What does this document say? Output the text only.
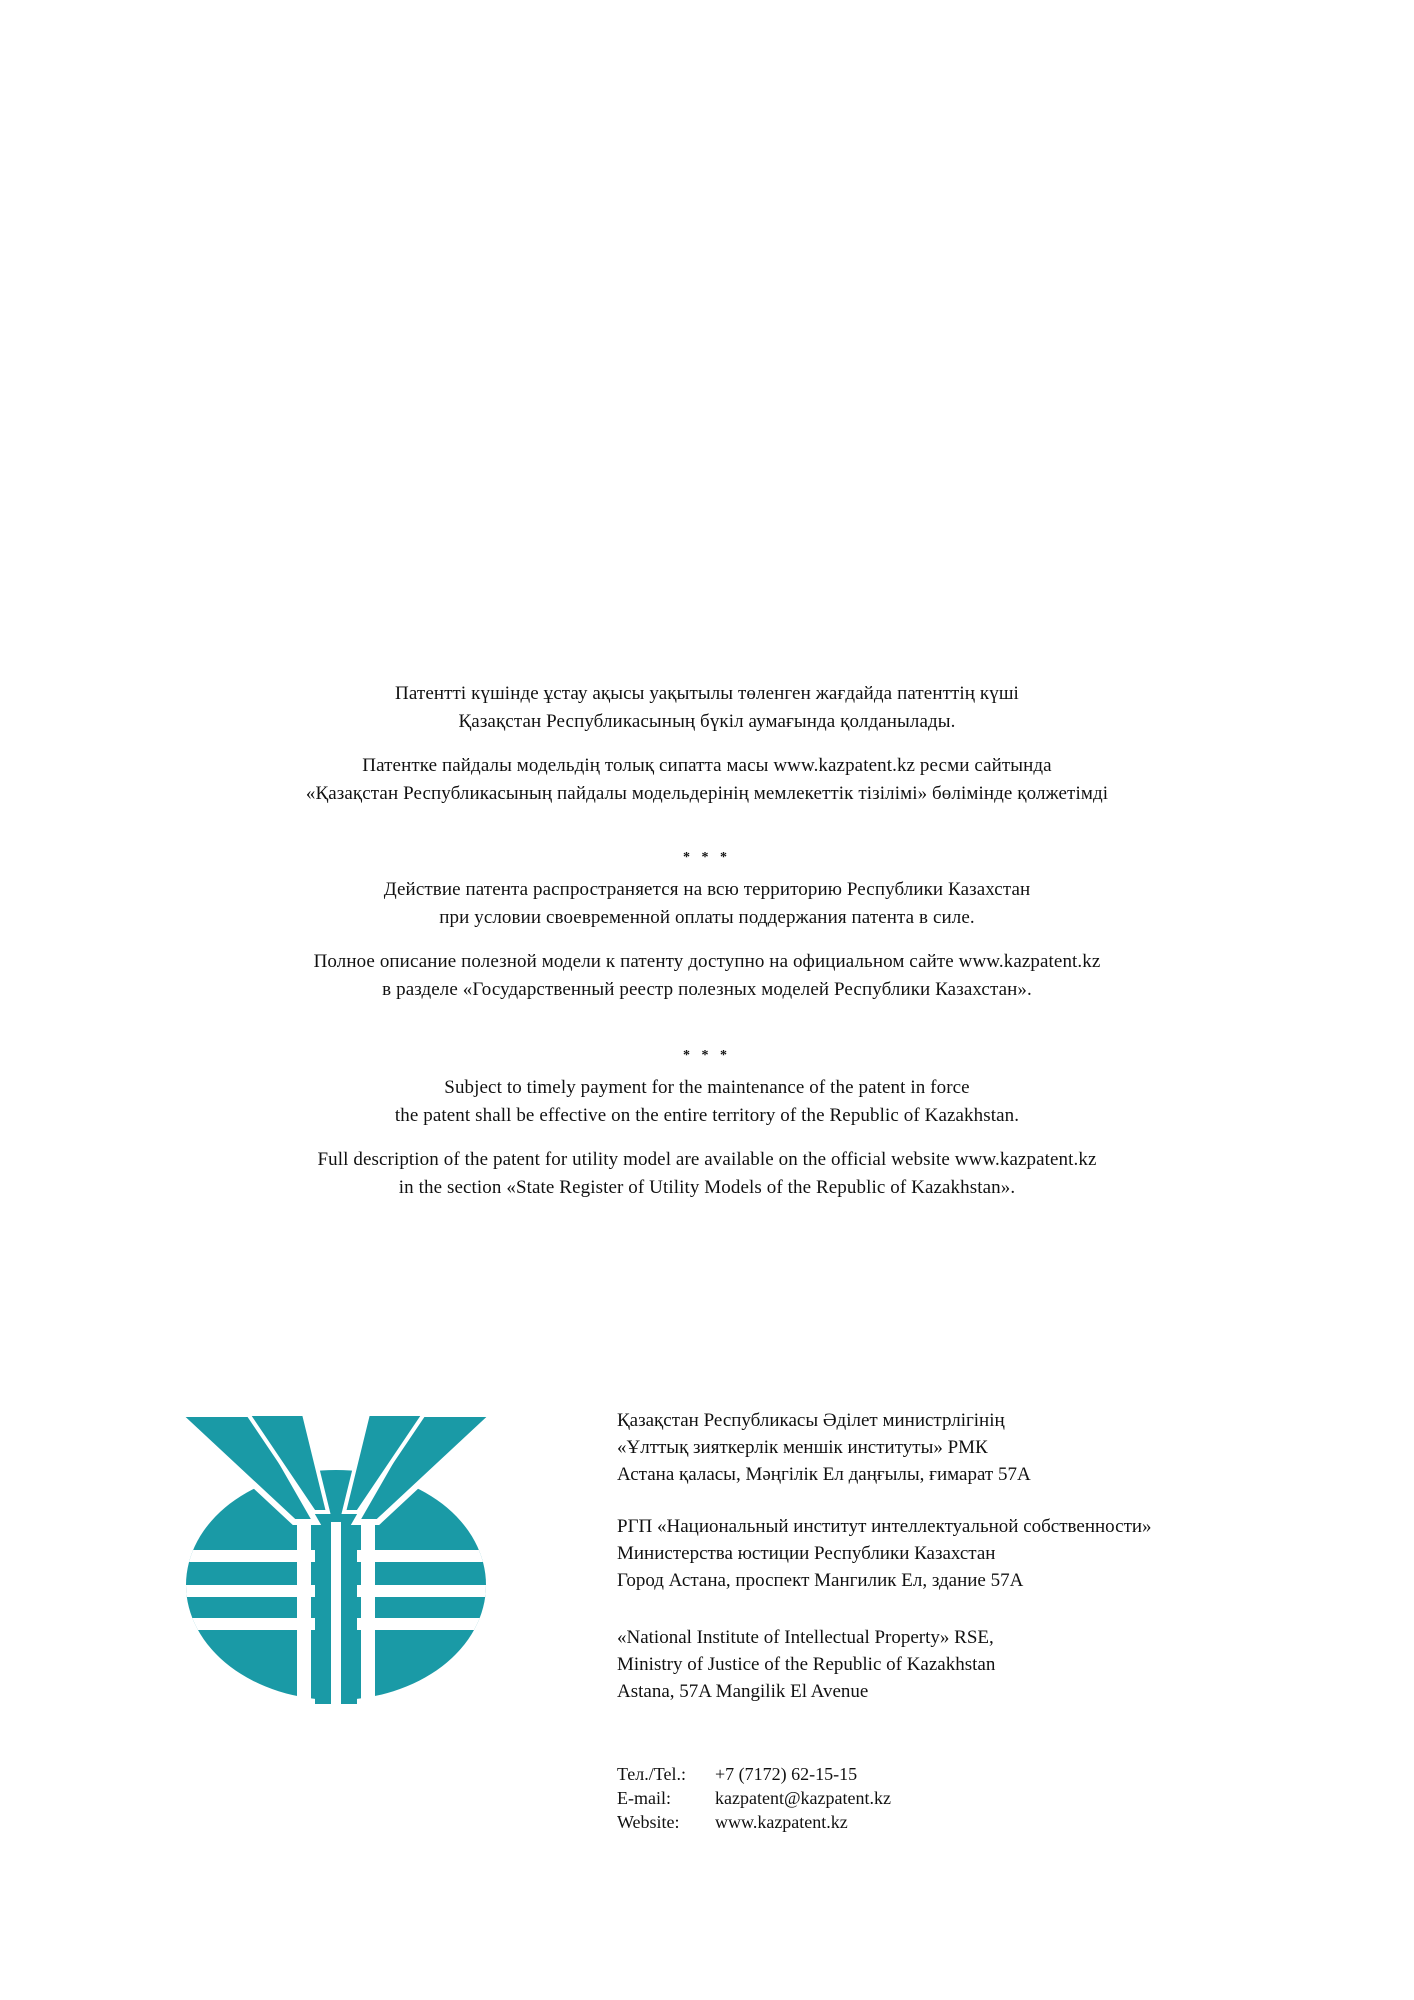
Патентті күшінде ұстау ақысы уақытылы төленген жағдайда патенттің күші

Қазақстан Республикасының бүкіл аумағында қолданылады.

Патентке пайдалы модельдің толық сипатта масы www.kazpatent.kz ресми сайтында

«Қазақстан Республикасының пайдалы модельдерінің мемлекеттік тізілімі» бөлімінде қолжетімді

* * *

Действие патента распространяется на всю территорию Республики Казахстан

при условии своевременной оплаты поддержания патента в силе.

Полное описание полезной модели к патенту доступно на официальном сайте www.kazpatent.kz

в разделе «Государственный реестр полезных моделей Республики Казахстан».

* * *

Subject to timely payment for the maintenance of the patent in force

the patent shall be effective on the entire territory of the Republic of Kazakhstan.

Full description of the patent for utility model are available on the official website www.kazpatent.kz

in the section «State Register of Utility Models of the Republic of Kazakhstan».

Қазақстан Республикасы Әділет министрлігінің

«Ұлттық зияткерлік меншік институты» РМК

Астана қаласы, Мәңгілік Ел даңғылы, ғимарат 57А

РГП «Национальный институт интеллектуальной собственности»

Министерства юстиции Республики Казахстан

Город Астана, проспект Мангилик Ел, здание 57А

«National Institute of Intellectual Property» RSE,

Ministry of Justice of the Republic of Kazakhstan

Astana, 57A Mangilik El Avenue

Тел./Tel.:	+7 (7172) 62-15-15
E-mail:	kazpatent@kazpatent.kz
Website:	www.kazpatent.kz
